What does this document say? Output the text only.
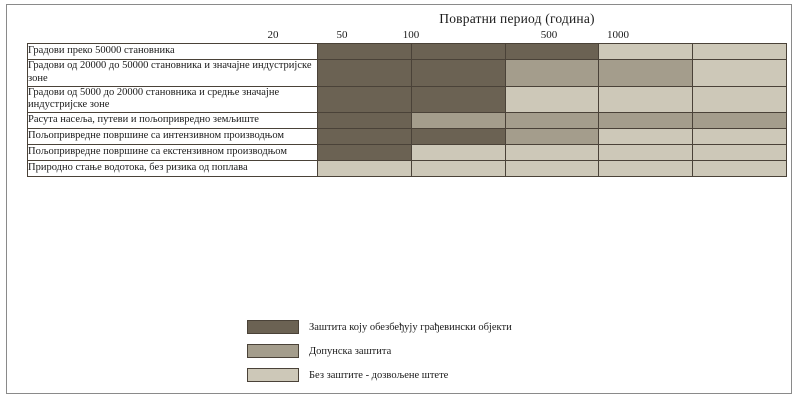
Повратни период (година)
20	50	100	500	1000
Градови преко 50000 становника					
Градови од 20000 до 50000 становника и значајне индустријске зоне					
Градови од 5000 до 20000 становника и средње значајне индустријске зоне					
Расута насеља, путеви и пољопривредно земљиште					
Пољопривредне површине са интензивном производњом					
Пољопривредне површине са екстензивном производњом					
Природно стање водотока, без ризика од поплава					
Заштита коју обезбеђују грађевински објекти
Допунска заштита
Без заштите - дозвољене штете
